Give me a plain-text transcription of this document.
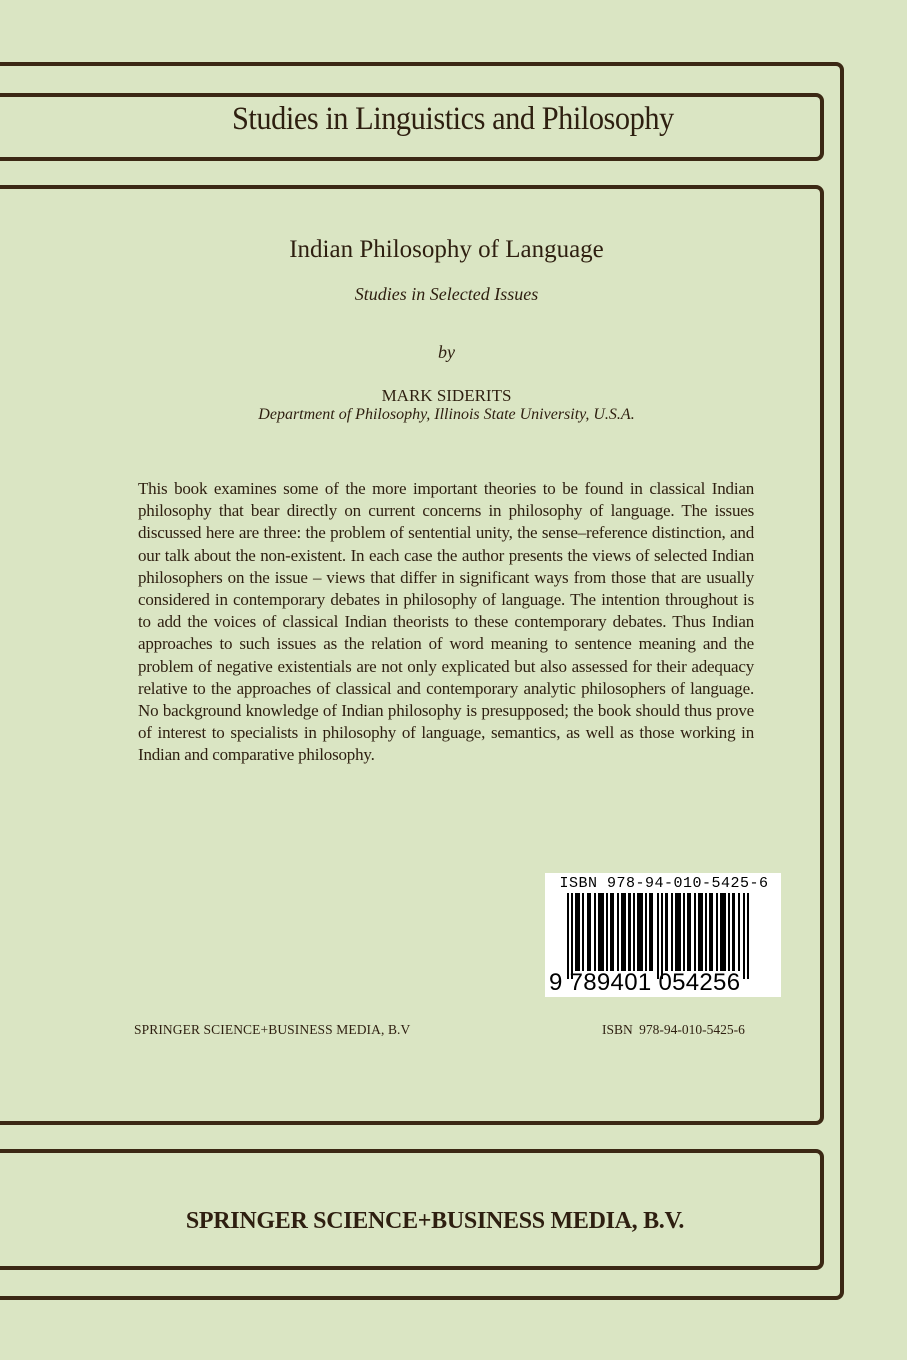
Studies in Linguistics and Philosophy
Indian Philosophy of Language
Studies in Selected Issues
by
MARK SIDERITS
Department of Philosophy, Illinois State University, U.S.A.
This book examines some of the more important theories to be found in classical Indian philosophy that bear directly on current concerns in philosophy of language. The issues discussed here are three: the problem of sentential unity, the sense–reference distinction, and our talk about the non-existent. In each case the author presents the views of selected Indian philosophers on the issue – views that differ in significant ways from those that are usually considered in contemporary debates in philosophy of language. The intention throughout is to add the voices of classical Indian theorists to these contemporary debates. Thus Indian approaches to such issues as the relation of word meaning to sentence meaning and the problem of negative existentials are not only explicated but also assessed for their adequacy relative to the approaches of classical and contemporary analytic philosophers of language. No background knowledge of Indian philosophy is presupposed; the book should thus prove of interest to specialists in philosophy of language, semantics, as well as those working in Indian and comparative philosophy.
ISBN 978-94-010-5425-6
9 789401 054256
SPRINGER SCIENCE+BUSINESS MEDIA, B.V	ISBN 978-94-010-5425-6
SPRINGER SCIENCE+BUSINESS MEDIA, B.V.
